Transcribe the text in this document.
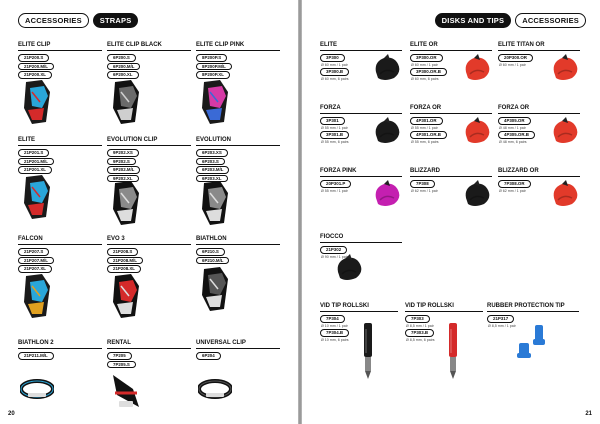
ACCESSORIES	STRAPS
20
ELITE CLIP
21P200.S
21P200.M/L
21P200.XL
ELITE CLIP BLACK
6P200.S
6P200.M/L
6P200.XL
ELITE CLIP PINK
8P200P.S
8P200P.M/L
8P200P.XL
ELITE
21P201.S
21P201.M/L
21P201.XL
EVOLUTION CLIP
9P202.XS
9P202.S
9P202.M/L
9P202.XL
EVOLUTION
6P203.XS
6P203.S
6P203.M/L
6P203.XL
FALCON
21P207.S
21P207.M/L
21P207.XL
EVO 3
21P208.S
21P208.M/L
21P208.XL
BIATHLON
6P210.S
6P210.M/L
BIATHLON 2
21P211.M/L
RENTAL
7P205
7P205.S
UNIVERSAL CLIP
6P204
DISKS AND TIPS	ACCESSORIES
21
ELITE
3P300
Ø 60 mm / 1 pair
3P300.B
Ø 60 mm, 6 pairs
ELITE OR
3P300.OR
Ø 60 mm / 1 pair
3P300.OR.B
Ø 60 mm, 6 pairs
ELITE TITAN OR
20P300.OR
Ø 60 mm / 1 pair
FORZA
3P301
Ø 55 mm / 1 pair
3P301.B
Ø 55 mm, 6 pairs
FORZA OR
4P301.OR
Ø 55 mm / 1 pair
4P301.OR.B
Ø 55 mm, 6 pairs
FORZA OR
4P305.OR
Ø 48 mm / 1 pair
4P305.OR.B
Ø 48 mm, 6 pairs
FORZA PINK
20P301.P
Ø 55 mm / 1 pair
BLIZZARD
7P308
Ø 62 mm / 1 pair
BLIZZARD OR
7P308.OR
Ø 62 mm / 1 pair
FIOCCO
21P302
Ø 90 mm / 1 pair
VID TIP ROLLSKI
7P304
Ø 10 mm / 1 pair
7P304.B
Ø 10 mm, 6 pairs
VID TIP ROLLSKI
7P303
Ø 8,5 mm / 1 pair
7P303.B
Ø 8,5 mm, 6 pairs
RUBBER PROTECTION TIP
21P317
Ø 8,5 mm / 1 pair
